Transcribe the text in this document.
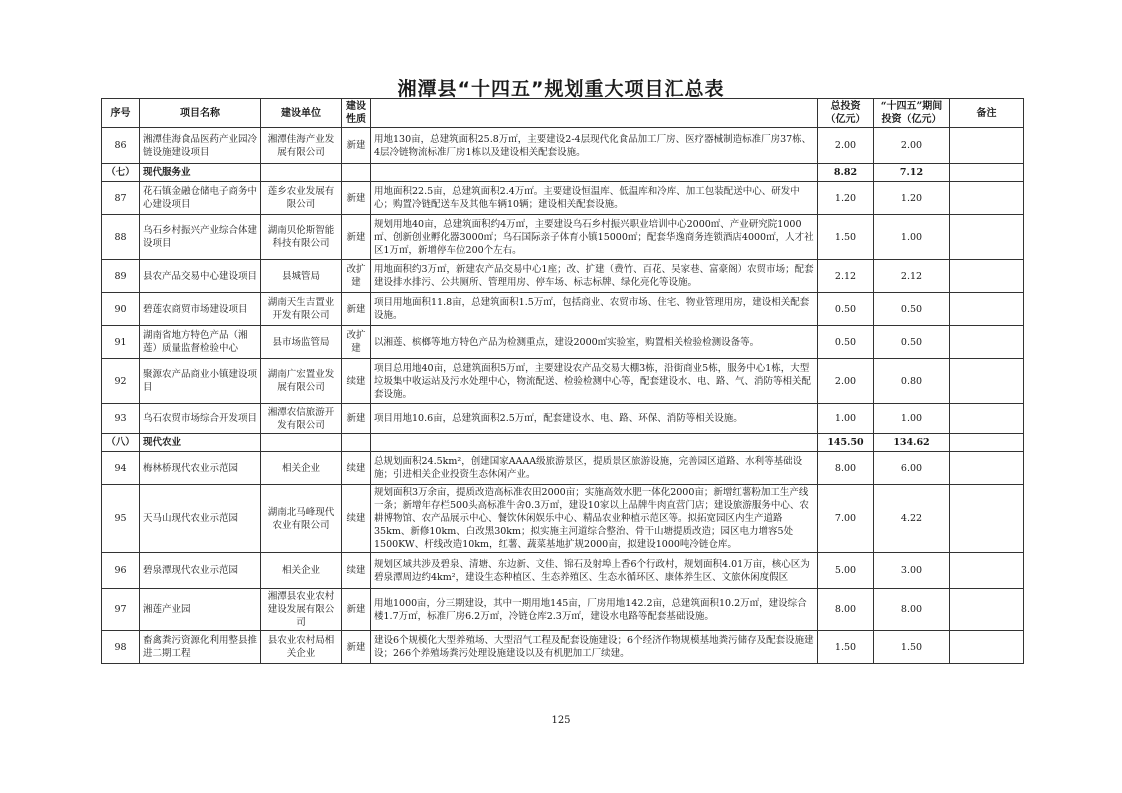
湘潭县“十四五”规划重大项目汇总表
序号	项目名称	建设单位	建设性质		总投资（亿元）	“十四五”期间投资（亿元）	备注
86	湘潭佳海食品医药产业园冷链设施建设项目	湘潭佳海产业发展有限公司	新建	用地130亩，总建筑面积25.8万㎡，主要建设2-4层现代化食品加工厂房、医疗器械制造标准厂房37栋、4层冷链物流标准厂房1栋以及建设相关配套设施。	2.00	2.00	
（七）	现代服务业				8.82	7.12	
87	花石镇金融仓储电子商务中心建设项目	莲乡农业发展有限公司	新建	用地面积22.5亩，总建筑面积2.4万㎡。主要建设恒温库、低温库和冷库、加工包装配送中心、研发中心；购置冷链配送车及其他车辆10辆；建设相关配套设施。	1.20	1.20	
88	乌石乡村振兴产业综合体建设项目	湖南贝伦斯智能科技有限公司	新建	规划用地40亩，总建筑面积约4万㎡，主要建设乌石乡村振兴职业培训中心2000㎡、产业研究院1000㎡、创新创业孵化器3000㎡；乌石国际亲子体育小镇15000㎡；配套华逸商务连锁酒店4000㎡，人才社区1万㎡，新增停车位200个左右。	1.50	1.00	
89	县农产品交易中心建设项目	县城管局	改扩建	用地面积约3万㎡，新建农产品交易中心1座；改、扩建（费竹、百花、吴家巷、富豪阁）农贸市场；配套建设排水排污、公共厕所、管理用房、停车场、标志标牌、绿化亮化等设施。	2.12	2.12	
90	碧莲农商贸市场建设项目	湖南天生吉置业开发有限公司	新建	项目用地面积11.8亩，总建筑面积1.5万㎡，包括商业、农贸市场、住宅、物业管理用房，建设相关配套设施。	0.50	0.50	
91	湖南省地方特色产品（湘莲）质量监督检验中心	县市场监管局	改扩建	以湘莲、槟榔等地方特色产品为检测重点，建设2000㎡实验室，购置相关检验检测设备等。	0.50	0.50	
92	聚源农产品商业小镇建设项目	湖南广宏置业发展有限公司	续建	项目总用地40亩，总建筑面积5万㎡，主要建设农产品交易大棚3栋，沿街商业5栋，服务中心1栋，大型垃圾集中收运站及污水处理中心，物流配送、检验检测中心等，配套建设水、电、路、气、消防等相关配套设施。	2.00	0.80	
93	乌石农贸市场综合开发项目	湘潭农信旅游开发有限公司	新建	项目用地10.6亩，总建筑面积2.5万㎡，配套建设水、电、路、环保、消防等相关设施。	1.00	1.00	
（八）	现代农业				145.50	134.62	
94	梅林桥现代农业示范园	相关企业	续建	总规划面积24.5km²，创建国家AAAA级旅游景区，提质景区旅游设施，完善园区道路、水利等基础设施；引进相关企业投资生态休闲产业。	8.00	6.00	
95	天马山现代农业示范园	湖南北马峰现代农业有限公司	续建	规划面积3万余亩，提质改造高标准农田2000亩；实施高效水肥一体化2000亩；新增红薯粉加工生产线一条；新增年存栏500头高标准牛舍0.3万㎡，建设10家以上品牌牛肉直营门店；建设旅游服务中心、农耕博物馆、农产品展示中心、餐饮休闲娱乐中心、精品农业种植示范区等。拟拓宽园区内生产道路35km、新修10km、白改黑30km；拟实施主河道综合整治、骨干山塘提质改造；园区电力增容5处1500KW、杆线改造10km，红薯、蔬菜基地扩规2000亩，拟建设1000吨冷链仓库。	7.00	4.22	
96	碧泉潭现代农业示范园	相关企业	续建	规划区域共涉及碧泉、清塘、东边新、文佳、锦石及射埠上香6个行政村，规划面积4.01万亩，核心区为碧泉潭周边约4km²，建设生态种植区、生态养殖区、生态水循环区、康体养生区、文旅休闲度假区	5.00	3.00	
97	湘莲产业园	湘潭县农业农村建设发展有限公司	新建	用地1000亩，分三期建设，其中一期用地145亩，厂房用地142.2亩，总建筑面积10.2万㎡，建设综合楼1.7万㎡，标准厂房6.2万㎡，冷链仓库2.3万㎡，建设水电路等配套基础设施。	8.00	8.00	
98	畜禽粪污资源化利用整县推进二期工程	县农业农村局相关企业	新建	建设6个规模化大型养殖场、大型沼气工程及配套设施建设；6个经济作物规模基地粪污储存及配套设施建设；266个养殖场粪污处理设施建设以及有机肥加工厂续建。	1.50	1.50	
125
